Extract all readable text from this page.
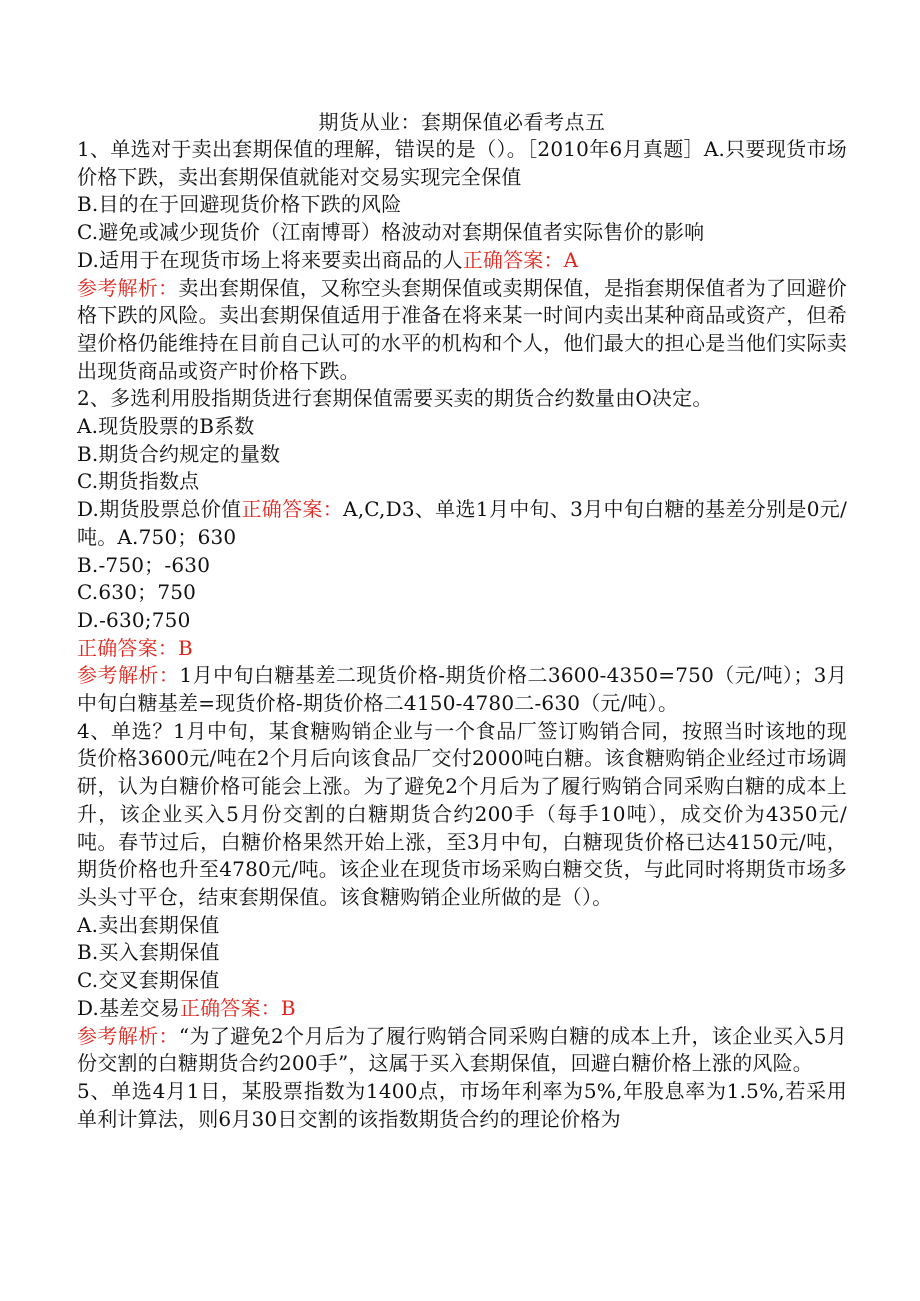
期货从业：套期保值必看考点五

1、单选对于卖出套期保值的理解，错误的是（）。［2010年6月真题］A.只要现货市场价格下跌，卖出套期保值就能对交易实现完全保值

B.目的在于回避现货价格下跌的风险

C.避免或减少现货价（江南博哥）格波动对套期保值者实际售价的影响

D.适用于在现货市场上将来要卖出商品的人正确答案：A

参考解析：卖出套期保值，又称空头套期保值或卖期保值，是指套期保值者为了回避价格下跌的风险。卖出套期保值适用于准备在将来某一时间内卖出某种商品或资产，但希望价格仍能维持在目前自己认可的水平的机构和个人，他们最大的担心是当他们实际卖出现货商品或资产时价格下跌。

2、多选利用股指期货进行套期保值需要买卖的期货合约数量由O决定。

A.现货股票的B系数

B.期货合约规定的量数

C.期货指数点

D.期货股票总价值正确答案：A,C,D3、单选1月中旬、3月中旬白糖的基差分别是0元/吨。A.750；630

B.-750；-630

C.630；750

D.-630;750

正确答案：B

参考解析：1月中旬白糖基差二现货价格-期货价格二3600-4350=750（元/吨）；3月中旬白糖基差=现货价格-期货价格二4150-4780二-630（元/吨）。

4、单选？1月中旬，某食糖购销企业与一个食品厂签订购销合同，按照当时该地的现货价格3600元/吨在2个月后向该食品厂交付2000吨白糖。该食糖购销企业经过市场调研，认为白糖价格可能会上涨。为了避免2个月后为了履行购销合同采购白糖的成本上升，该企业买入5月份交割的白糖期货合约200手（每手10吨），成交价为4350元/吨。春节过后，白糖价格果然开始上涨，至3月中旬，白糖现货价格已达4150元/吨，期货价格也升至4780元/吨。该企业在现货市场采购白糖交货，与此同时将期货市场多头头寸平仓，结束套期保值。该食糖购销企业所做的是（）。

A.卖出套期保值

B.买入套期保值

C.交叉套期保值

D.基差交易正确答案：B

参考解析：“为了避免2个月后为了履行购销合同采购白糖的成本上升，该企业买入5月份交割的白糖期货合约200手”，这属于买入套期保值，回避白糖价格上涨的风险。

5、单选4月1日，某股票指数为1400点，市场年利率为5%,年股息率为1.5%,若采用单利计算法，则6月30日交割的该指数期货合约的理论价格为
